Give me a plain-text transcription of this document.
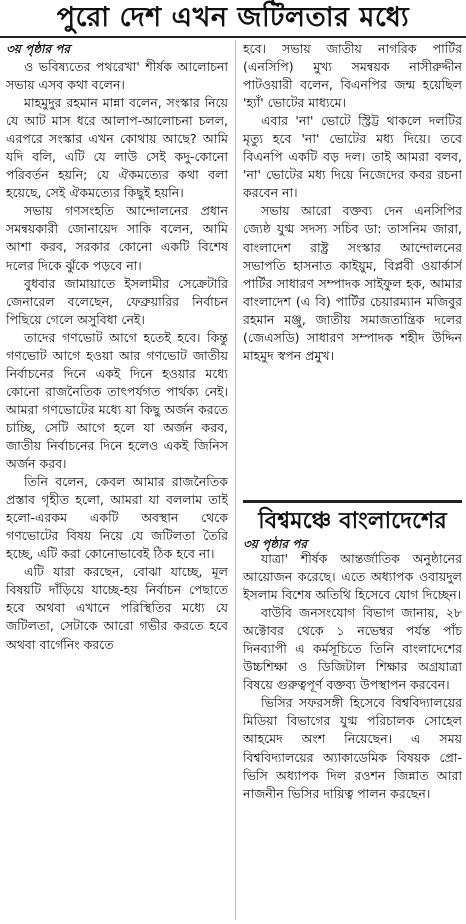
পুরো দেশ এখন জটিলতার মধ্যে

৩য় পৃষ্ঠার পর

ও ভবিষ্যতের পথরেখা' শীর্ষক আলোচনা সভায় এসব কথা বলেন।

মাহমুদুর রহমান মান্না বলেন, সংস্কার নিয়ে যে আট মাস ধরে আলাপ-আলোচনা চলল, এরপরে সংস্কার এখন কোথায় আছে? আমি যদি বলি, এটি যে লাউ সেই কদু-কোনো পরিবর্তন হয়নি; যে ঐকমত্যের কথা বলা হয়েছে, সেই ঐকমত্যের কিছুই হয়নি।

সভায় গণসংহতি আন্দোলনের প্রধান সমন্বয়কারী জোনায়েদ সাকি বলেন, আমি আশা করব, সরকার কোনো একটি বিশেষ দলের দিকে ঝুঁকে পড়বে না।

বুধবার জামায়াতে ইসলামীর সেক্রেটারি জেনারেল বলেছেন, ফেব্রুয়ারির নির্বাচন পিছিয়ে গেলে অসুবিধা নেই।

তাদের গণভোট আগে হতেই হবে। কিন্তু গণভোট আগে হওয়া আর গণভোট জাতীয় নির্বাচনের দিনে একই দিনে হওয়ার মধ্যে কোনো রাজনৈতিক তাৎপর্যগত পার্থক্য নেই। আমরা গণভোটের মধ্যে যা কিছু অর্জন করতে চাচ্ছি, সেটি আগে হলে যা অর্জন করব, জাতীয় নির্বাচনের দিনে হলেও একই জিনিস অর্জন করব।

তিনি বলেন, কেবল আমার রাজনৈতিক প্রস্তাব গৃহীত হলো, আমরা যা বললাম তাই হলো-এরকম একটি অবস্থান থেকে গণভোটের বিষয় নিয়ে যে জটিলতা তৈরি হচ্ছে, এটি করা কোনোভাবেই ঠিক হবে না।

এটি যারা করছেন, বোঝা যাচ্ছে, মূল বিষয়টি দাঁড়িয়ে যাচ্ছে-হয় নির্বাচন পেছাতে হবে অথবা এখানে পরিস্থিতির মধ্যে যে জটিলতা, সেটাকে আরো গভীর করতে হবে অথবা বার্গেনিং করতে

হবে। সভায় জাতীয় নাগরিক পার্টির (এনসিপি) মুখ্য সমন্বয়ক নাসীরুদ্দীন পাটওয়ারী বলেন, বিএনপির জন্ম হয়েছিল 'হ্যাঁ' ভোটের মাধ্যমে।

এবার 'না' ভোটে স্ট্রিট্ট থাকলে দলটির মৃত্যু হবে 'না' ভোটের মধ্য দিয়ে। তবে বিএনপি একটি বড় দল। তাই আমরা বলব, 'না' ভোটের মধ্য দিয়ে নিজেদের কবর রচনা করবেন না।

সভায় আরো বক্তব্য দেন এনসিপির জ্যেষ্ঠ যুগ্ম সদস্য সচিব ডা: তাসনিম জারা, বাংলাদেশ রাষ্ট্র সংস্কার আন্দোলনের সভাপতি হাসনাত কাইয়ুম, বিপ্লবী ওয়ার্কার্স পার্টির সাধারণ সম্পাদক সাইফুল হক, আমার বাংলাদেশ (এ বি) পার্টির চেয়ারম্যান মজিবুর রহমান মঞ্জু, জাতীয় সমাজতান্ত্রিক দলের (জেএসডি) সাধারণ সম্পাদক শহীদ উদ্দিন মাহমুদ স্বপন প্রমুখ।

বিশ্বমঞ্চে বাংলাদেশের

৩য় পৃষ্ঠার পর

যাত্রা' শীর্ষক আন্তর্জাতিক অনুষ্ঠানের আয়োজন করেছে। এতে অধ্যাপক ওবায়দুল ইসলাম বিশেষ অতিথি হিসেবে যোগ দিচ্ছেন।

বাউবি জনসংযোগ বিভাগ জানায়, ২৮ অক্টোবর থেকে ১ নভেম্বর পর্যন্ত পাঁচ দিনব্যাপী এ কর্মসূচিতে তিনি বাংলাদেশের উচ্চশিক্ষা ও ডিজিটাল শিক্ষার অগ্রযাত্রা বিষয়ে গুরুত্বপূর্ণ বক্তব্য উপস্থাপন করবেন।

ভিসির সফরসঙ্গী হিসেবে বিশ্ববিদ্যালয়ের মিডিয়া বিভাগের যুগ্ম পরিচালক সোহেল আহমেদ অংশ নিয়েছেন। এ সময় বিশ্ববিদ্যালয়ের অ্যাকাডেমিক বিষয়ক প্রো-ভিসি অধ্যাপক দিল রওশন জিন্নাত আরা নাজনীন ভিসির দায়িত্ব পালন করছেন।
